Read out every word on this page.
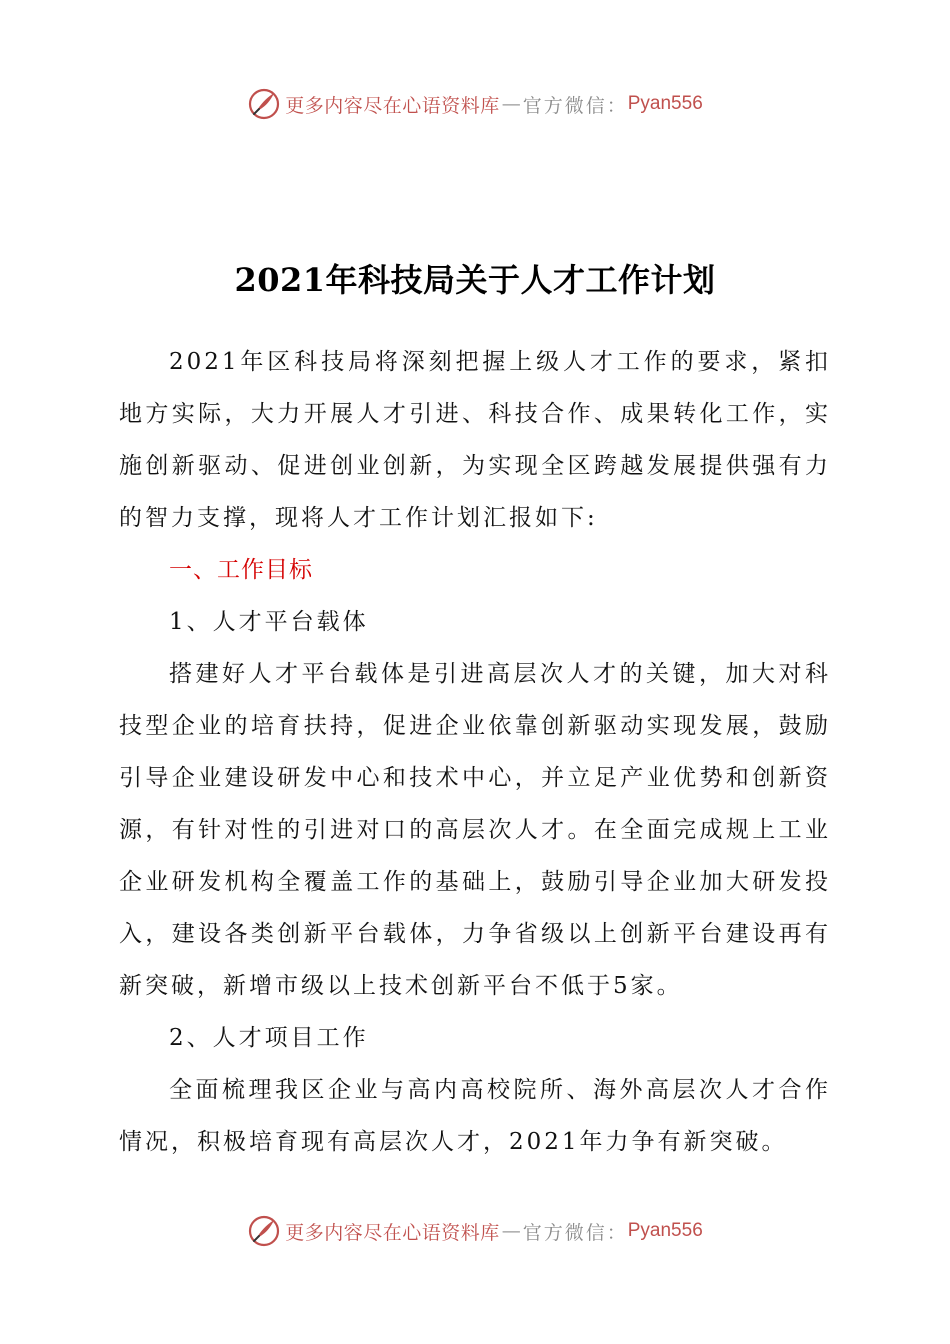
更多内容尽在心语资料库 — 官方微信： Pyan556
2021年科技局关于人才工作计划

2021年区科技局将深刻把握上级人才工作的要求，紧扣地方实际，大力开展人才引进、科技合作、成果转化工作，实施创新驱动、促进创业创新，为实现全区跨越发展提供强有力的智力支撑，现将人才工作计划汇报如下:

一、工作目标

1、人才平台载体

搭建好人才平台载体是引进高层次人才的关键，加大对科技型企业的培育扶持，促进企业依靠创新驱动实现发展，鼓励引导企业建设研发中心和技术中心，并立足产业优势和创新资源，有针对性的引进对口的高层次人才。在全面完成规上工业企业研发机构全覆盖工作的基础上，鼓励引导企业加大研发投入，建设各类创新平台载体，力争省级以上创新平台建设再有新突破，新增市级以上技术创新平台不低于5家。

2、人才项目工作

全面梳理我区企业与高内高校院所、海外高层次人才合作情况，积极培育现有高层次人才，2021年力争有新突破。

更多内容尽在心语资料库 — 官方微信： Pyan556
